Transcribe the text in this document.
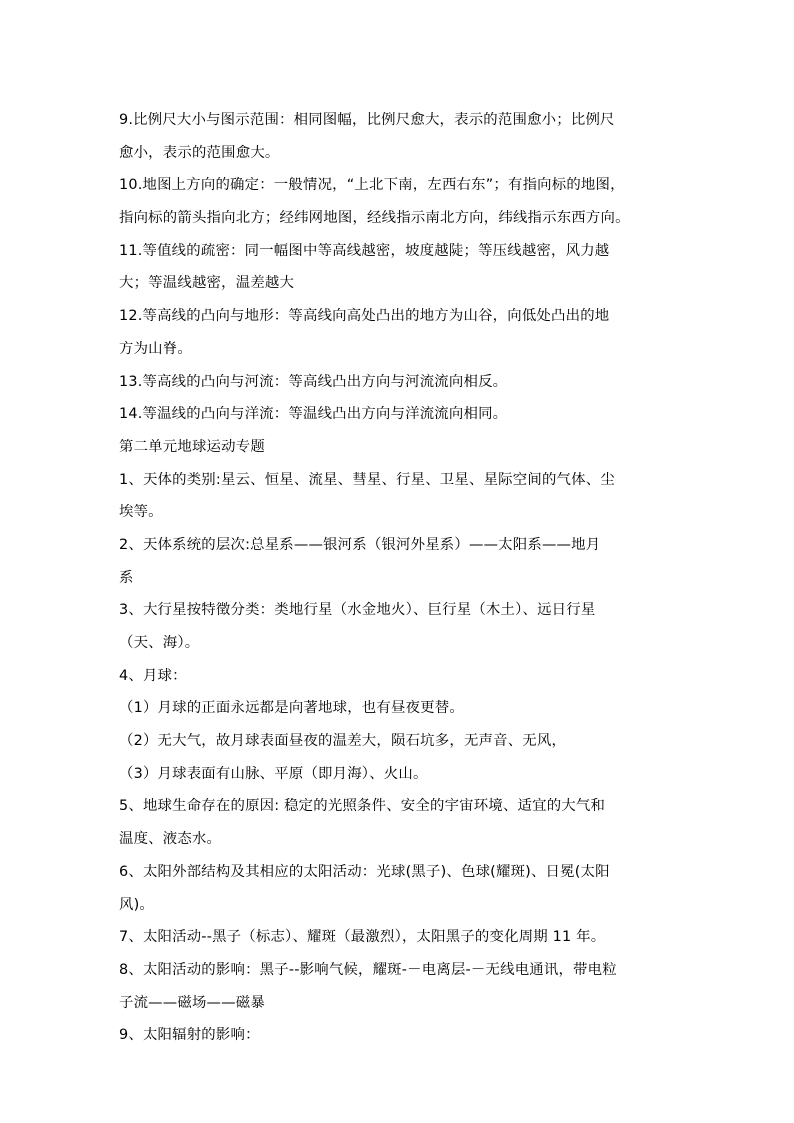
9.比例尺大小与图示范围：相同图幅，比例尺愈大，表示的范围愈小；比例尺
愈小，表示的范围愈大。
10.地图上方向的确定：一般情况，“上北下南，左西右东”；有指向标的地图，
指向标的箭头指向北方；经纬网地图，经线指示南北方向，纬线指示东西方向。
11.等值线的疏密：同一幅图中等高线越密，坡度越陡；等压线越密，风力越
大；等温线越密，温差越大
12.等高线的凸向与地形：等高线向高处凸出的地方为山谷，向低处凸出的地
方为山脊。
13.等高线的凸向与河流：等高线凸出方向与河流流向相反。
14.等温线的凸向与洋流：等温线凸出方向与洋流流向相同。
第二单元地球运动专题
1、天体的类别:星云、恒星、流星、彗星、行星、卫星、星际空间的气体、尘
埃等。
2、天体系统的层次:总星系——银河系（银河外星系）——太阳系——地月
系
3、大行星按特徵分类：类地行星（水金地火）、巨行星（木土）、远日行星
（天、海）。
4、月球：
（1）月球的正面永远都是向著地球，也有昼夜更替。
（2）无大气，故月球表面昼夜的温差大，陨石坑多，无声音、无风，
（3）月球表面有山脉、平原（即月海）、火山。
5、地球生命存在的原因: 稳定的光照条件、安全的宇宙环境、适宜的大气和
温度、液态水。
6、太阳外部结构及其相应的太阳活动：光球(黑子)、色球(耀斑)、日冕(太阳
风)。
7、太阳活动--黑子（标志）、耀斑（最激烈），太阳黑子的变化周期 11 年。
8、太阳活动的影响：黑子--影响气候，耀斑-－电离层-－无线电通讯，带电粒
子流——磁场——磁暴
9、太阳辐射的影响：
